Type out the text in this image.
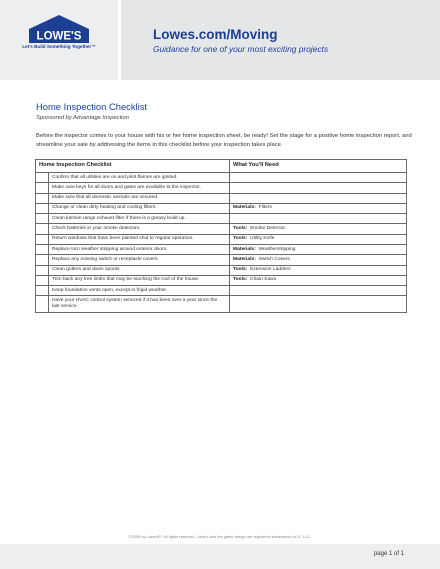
LOWE'S
Let's Build Something Together™
Lowes.com/Moving
Guidance for one of your most exciting projects
Home Inspection Checklist
Sponsored by Advantage Inspection
Before the inspector comes to your house with his or her home inspection sheet, be ready! Set the stage for a positive home inspection report, and streamline your sale by addressing the items in this checklist before your inspection takes place.
Home Inspection Checklist		What You'll Need
	Confirm that all utilities are on and pilot flames are ignited.	
	Make sure keys for all doors and gates are available to the inspector.	
	Make sure that all domestic animals are secured.	
	Change or clean dirty heating and cooling filters.	Materials: Filters
	Clean kitchen range exhaust filter if there is a greasy build up.	
	Check batteries in your smoke detectors.	Tools: Smoke Detector
	Return windows that have been painted shut to regular operation.	Tools: Utility Knife
	Replace torn weather stripping around exterior doors.	Materials: Weatherstripping
	Replace any missing switch or receptacle covers.	Materials: Switch Covers
	Clean gutters and down spouts.	Tools: Extension Ladders
	Trim back any tree limbs that may be touching the roof of the house.	Tools: Chain Saws
	Keep foundation vents open, except in frigid weather.	
	Have your HVAC control system serviced if it has been over a year since the last service.	
©2008 by Lowe's®. All rights reserved. Lowe's and the gable design are registered trademarks of LF, LLC.
page 1 of 1
